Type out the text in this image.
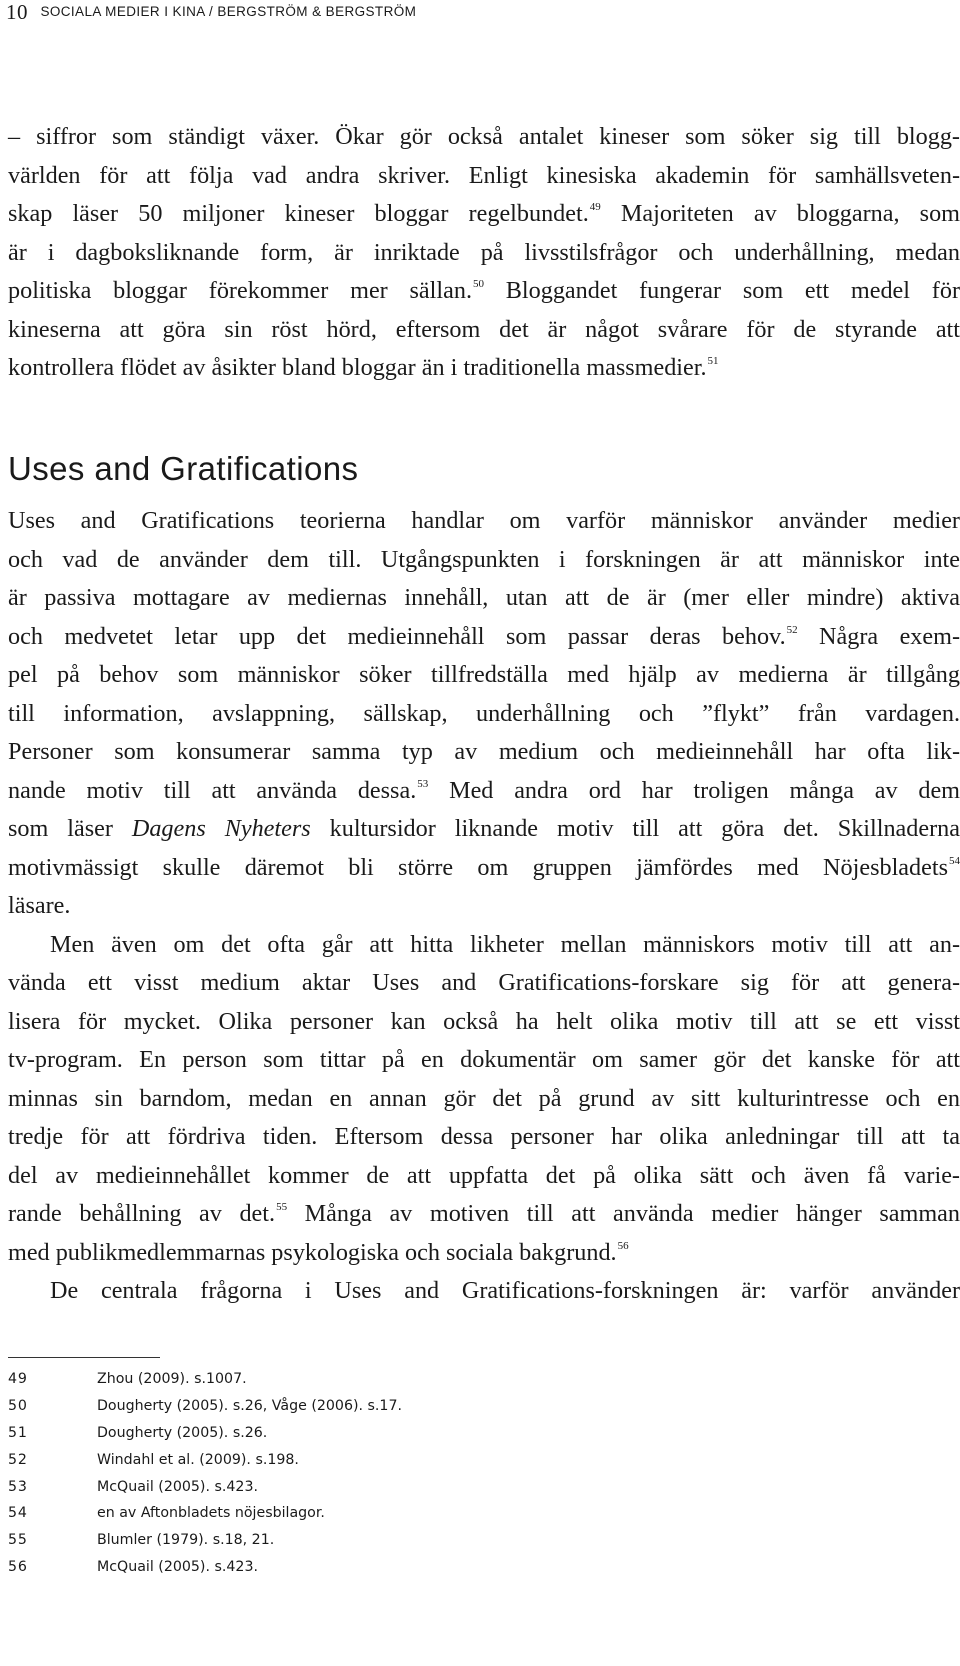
10 SOCIALA MEDIER I KINA / BERGSTRÖM & BERGSTRÖM
– siffror som ständigt växer. Ökar gör också antalet kineser som söker sig till blogg-
världen för att följa vad andra skriver. Enligt kinesiska akademin för samhällsveten-
skap läser 50 miljoner kineser bloggar regelbundet.$^{49}$ Majoriteten av bloggarna, som
är i dagboksliknande form, är inriktade på livsstilsfrågor och underhållning, medan
politiska bloggar förekommer mer sällan.$^{50}$ Bloggandet fungerar som ett medel för
kineserna att göra sin röst hörd, eftersom det är något svårare för de styrande att
kontrollera flödet av åsikter bland bloggar än i traditionella massmedier.$^{51}$
Uses and Gratifications
Uses and Gratifications teorierna handlar om varför människor använder medier
och vad de använder dem till. Utgångspunkten i forskningen är att människor inte
är passiva mottagare av mediernas innehåll, utan att de är (mer eller mindre) aktiva
och medvetet letar upp det medieinnehåll som passar deras behov.$^{52}$ Några exem-
pel på behov som människor söker tillfredställa med hjälp av medierna är tillgång
till information, avslappning, sällskap, underhållning och ”flykt” från vardagen.
Personer som konsumerar samma typ av medium och medieinnehåll har ofta lik-
nande motiv till att använda dessa.$^{53}$ Med andra ord har troligen många av dem
som läser Dagens Nyheters kultursidor liknande motiv till att göra det. Skillnaderna
motivmässigt skulle däremot bli större om gruppen jämfördes med Nöjesbladets$^{54}$
läsare.
Men även om det ofta går att hitta likheter mellan människors motiv till att an-
vända ett visst medium aktar Uses and Gratifications-forskare sig för att genera-
lisera för mycket. Olika personer kan också ha helt olika motiv till att se ett visst
tv-program. En person som tittar på en dokumentär om samer gör det kanske för att
minnas sin barndom, medan en annan gör det på grund av sitt kulturintresse och en
tredje för att fördriva tiden. Eftersom dessa personer har olika anledningar till att ta
del av medieinnehållet kommer de att uppfatta det på olika sätt och även få varie-
rande behållning av det.$^{55}$ Många av motiven till att använda medier hänger samman
med publikmedlemmarnas psykologiska och sociala bakgrund.$^{56}$
De centrala frågorna i Uses and Gratifications-forskningen är: varför använder
49	Zhou (2009). s.1007.
50	Dougherty (2005). s.26, Våge (2006). s.17.
51	Dougherty (2005). s.26.
52	Windahl et al. (2009). s.198.
53	McQuail (2005). s.423.
54	en av Aftonbladets nöjesbilagor.
55	Blumler (1979). s.18, 21.
56	McQuail (2005). s.423.
